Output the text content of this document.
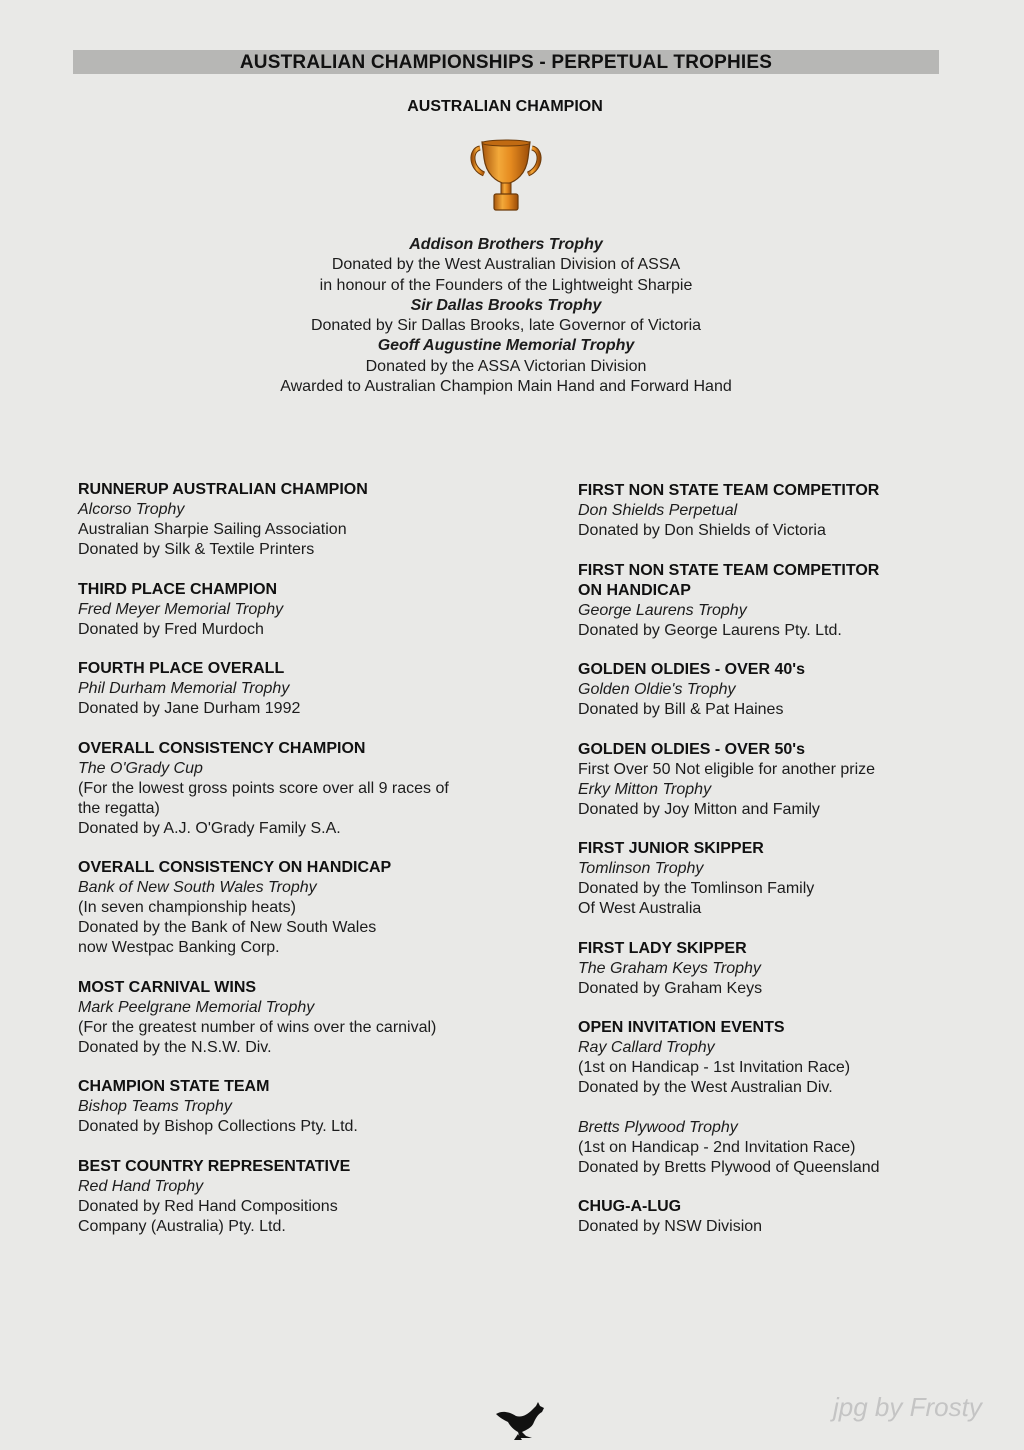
AUSTRALIAN CHAMPIONSHIPS - PERPETUAL TROPHIES
AUSTRALIAN CHAMPION
Addison Brothers Trophy
Donated by the West Australian Division of ASSA
in honour of the Founders of the Lightweight Sharpie
Sir Dallas Brooks Trophy
Donated by Sir Dallas Brooks, late Governor of Victoria
Geoff Augustine Memorial Trophy
Donated by the ASSA Victorian Division
Awarded to Australian Champion Main Hand and Forward Hand
RUNNERUP AUSTRALIAN CHAMPION
Alcorso Trophy
Australian Sharpie Sailing Association
Donated by Silk & Textile Printers
THIRD PLACE CHAMPION
Fred Meyer Memorial Trophy
Donated by Fred Murdoch
FOURTH PLACE OVERALL
Phil Durham Memorial Trophy
Donated by Jane Durham 1992
OVERALL CONSISTENCY CHAMPION
The O'Grady Cup
(For the lowest gross points score over all 9 races of
the regatta)
Donated by A.J. O'Grady Family S.A.
OVERALL CONSISTENCY ON HANDICAP
Bank of New South Wales Trophy
(In seven championship heats)
Donated by the Bank of New South Wales
now Westpac Banking Corp.
MOST CARNIVAL WINS
Mark Peelgrane Memorial Trophy
(For the greatest number of wins over the carnival)
Donated by the N.S.W. Div.
CHAMPION STATE TEAM
Bishop Teams Trophy
Donated by Bishop Collections Pty. Ltd.
BEST COUNTRY REPRESENTATIVE
Red Hand Trophy
Donated by Red Hand Compositions
Company (Australia) Pty. Ltd.
FIRST NON STATE TEAM COMPETITOR
Don Shields Perpetual
Donated by Don Shields of Victoria
FIRST NON STATE TEAM COMPETITOR
ON HANDICAP
George Laurens Trophy
Donated by George Laurens Pty. Ltd.
GOLDEN OLDIES - OVER 40's
Golden Oldie's Trophy
Donated by Bill & Pat Haines
GOLDEN OLDIES - OVER 50's
First Over 50 Not eligible for another prize
Erky Mitton Trophy
Donated by Joy Mitton and Family
FIRST JUNIOR SKIPPER
Tomlinson Trophy
Donated by the Tomlinson Family
Of West Australia
FIRST LADY SKIPPER
The Graham Keys Trophy
Donated by Graham Keys
OPEN INVITATION EVENTS
Ray Callard Trophy
(1st on Handicap - 1st Invitation Race)
Donated by the West Australian Div.
Bretts Plywood Trophy
(1st on Handicap - 2nd Invitation Race)
Donated by Bretts Plywood of Queensland
CHUG-A-LUG
Donated by NSW Division
jpg by Frosty
